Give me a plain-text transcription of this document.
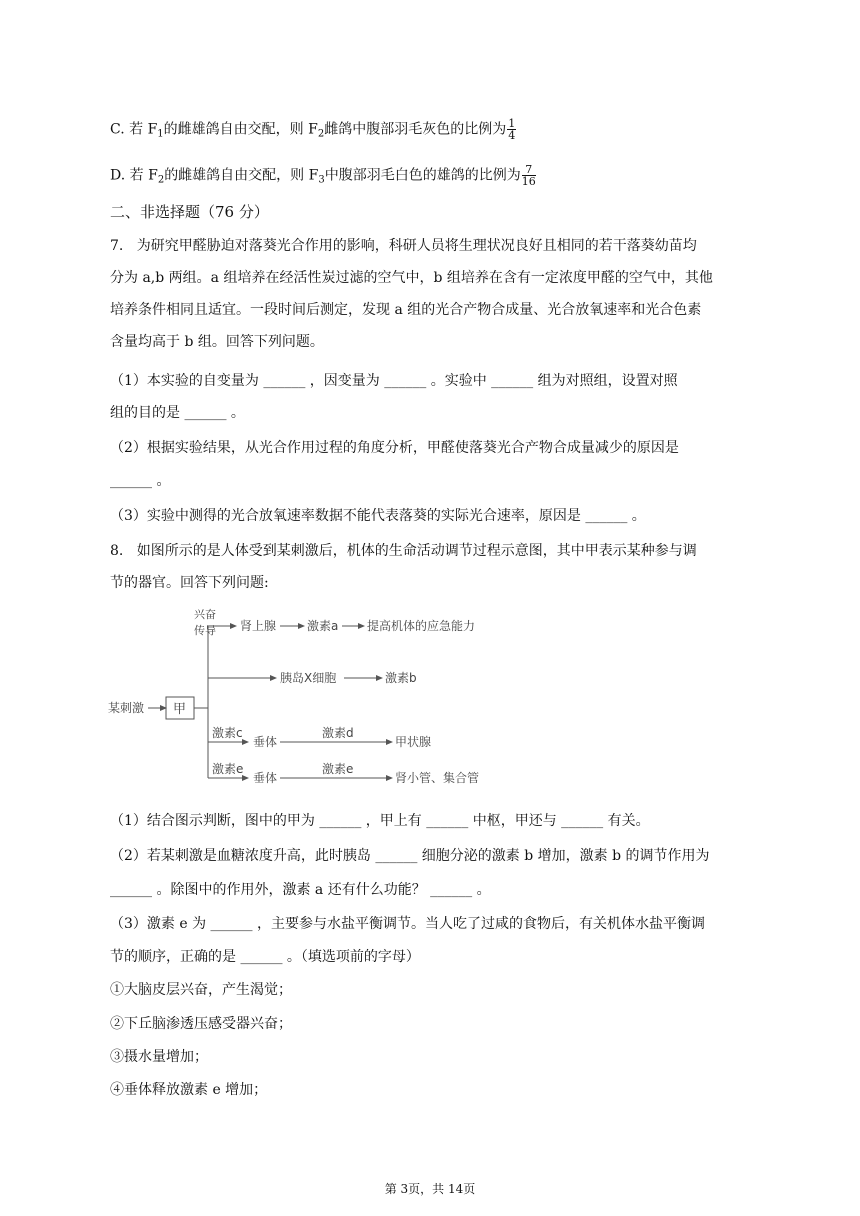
C. 若 $F_1$的雌雄鸽自由交配，则 $F_2$雌鸽中腹部羽毛灰色的比例为 $\frac{1}{4}$
D. 若 $F_2$的雌雄鸽自由交配，则 $F_3$中腹部羽毛白色的雄鸽的比例为 $\frac{7}{16}$
二、非选择题（76 分）
7. 为研究甲醛胁迫对落葵光合作用的影响，科研人员将生理状况良好且相同的若干落葵幼苗均
分为 a,b 两组。a 组培养在经活性炭过滤的空气中，b 组培养在含有一定浓度甲醛的空气中，其他
培养条件相同且适宜。一段时间后测定，发现 a 组的光合产物合成量、光合放氧速率和光合色素
含量均高于 b 组。回答下列问题。
（1）本实验的自变量为 ______ ，因变量为 ______ 。实验中 ______ 组为对照组，设置对照
组的目的是 ______ 。
（2）根据实验结果，从光合作用过程的角度分析，甲醛使落葵光合产物合成量减少的原因是
______ 。
（3）实验中测得的光合放氧速率数据不能代表落葵的实际光合速率，原因是 ______ 。
8. 如图所示的是人体受到某刺激后，机体的生命活动调节过程示意图，其中甲表示某种参与调
节的器官。回答下列问题:
某刺激 甲
兴奋
传导 肾上腺	激素a 提高机体的应急能力
胰岛X细胞	激素b
激素c
垂体
激素d
甲状腺
激素e
垂体
激素e
肾小管、集合管
（1）结合图示判断，图中的甲为 ______ ，甲上有 ______ 中枢，甲还与 ______ 有关。
（2）若某刺激是血糖浓度升高，此时胰岛 ______ 细胞分泌的激素 b 增加，激素 b 的调节作用为
______ 。除图中的作用外，激素 a 还有什么功能？ ______ 。
（3）激素 e 为 ______ ，主要参与水盐平衡调节。当人吃了过咸的食物后，有关机体水盐平衡调
节的顺序，正确的是 ______ 。（填选项前的字母）
①大脑皮层兴奋，产生渴觉；
②下丘脑渗透压感受器兴奋；
③摄水量增加；
④垂体释放激素 e 增加；
第 3页，共 14页
